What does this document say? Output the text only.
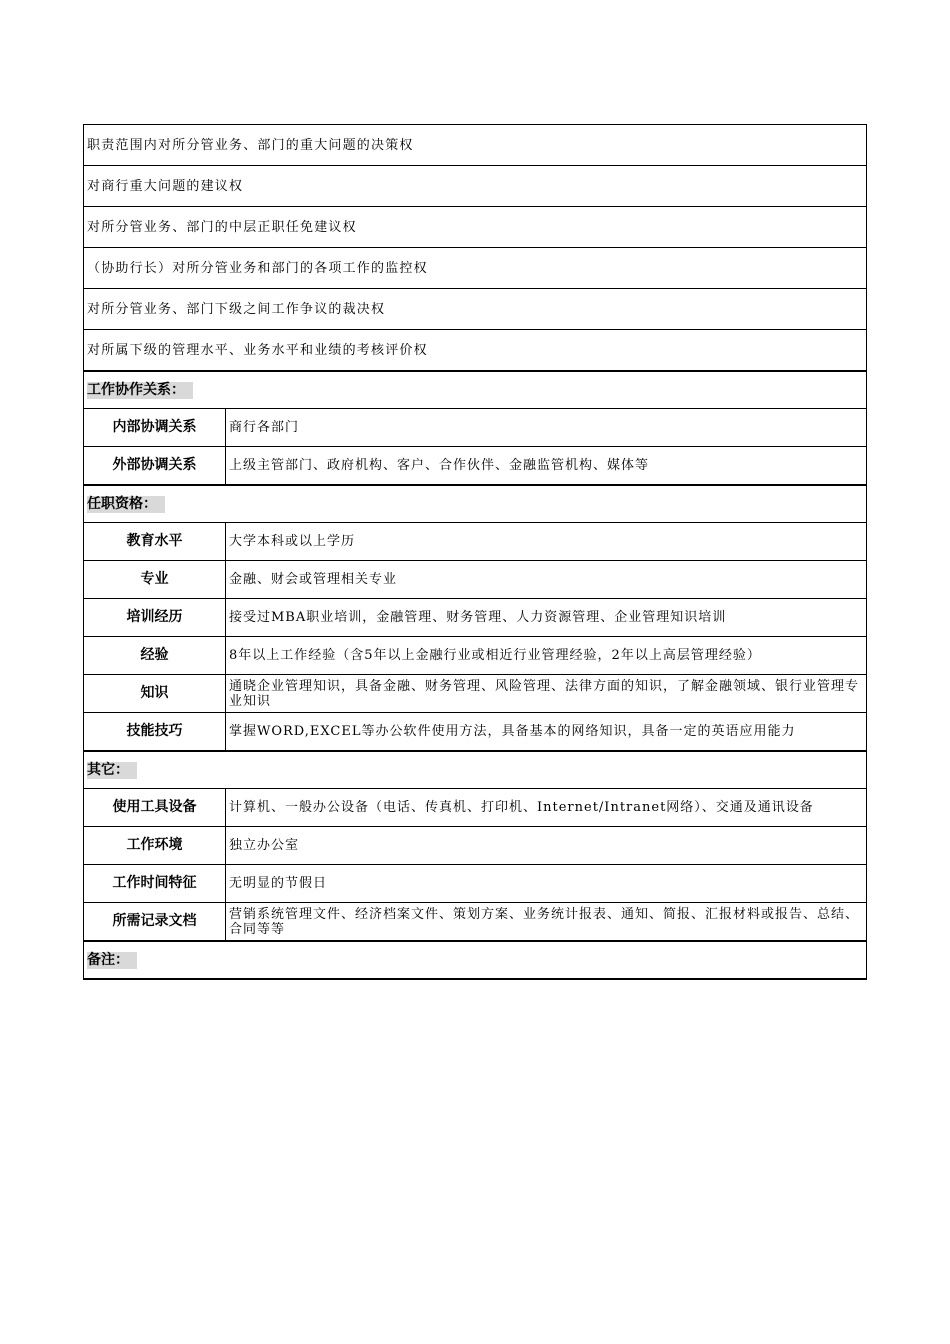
职责范围内对所分管业务、部门的重大问题的决策权	
对商行重大问题的建议权	
对所分管业务、部门的中层正职任免建议权	
（协助行长）对所分管业务和部门的各项工作的监控权	
对所分管业务、部门下级之间工作争议的裁决权	
对所属下级的管理水平、业务水平和业绩的考核评价权	
工作协作关系：	
内部协调关系	商行各部门
外部协调关系	上级主管部门、政府机构、客户、合作伙伴、金融监管机构、媒体等
任职资格：	
教育水平	大学本科或以上学历
专业	金融、财会或管理相关专业
培训经历	接受过MBA职业培训，金融管理、财务管理、人力资源管理、企业管理知识培训
经验	8年以上工作经验（含5年以上金融行业或相近行业管理经验，2年以上高层管理经验）
知识	通晓企业管理知识，具备金融、财务管理、风险管理、法律方面的知识，了解金融领域、银行业管理专业知识
技能技巧	掌握WORD,EXCEL等办公软件使用方法，具备基本的网络知识，具备一定的英语应用能力
其它：	
使用工具设备	计算机、一般办公设备（电话、传真机、打印机、Internet/Intranet网络）、交通及通讯设备
工作环境	独立办公室
工作时间特征	无明显的节假日
所需记录文档	营销系统管理文件、经济档案文件、策划方案、业务统计报表、通知、简报、汇报材料或报告、总结、合同等等
备注：	
